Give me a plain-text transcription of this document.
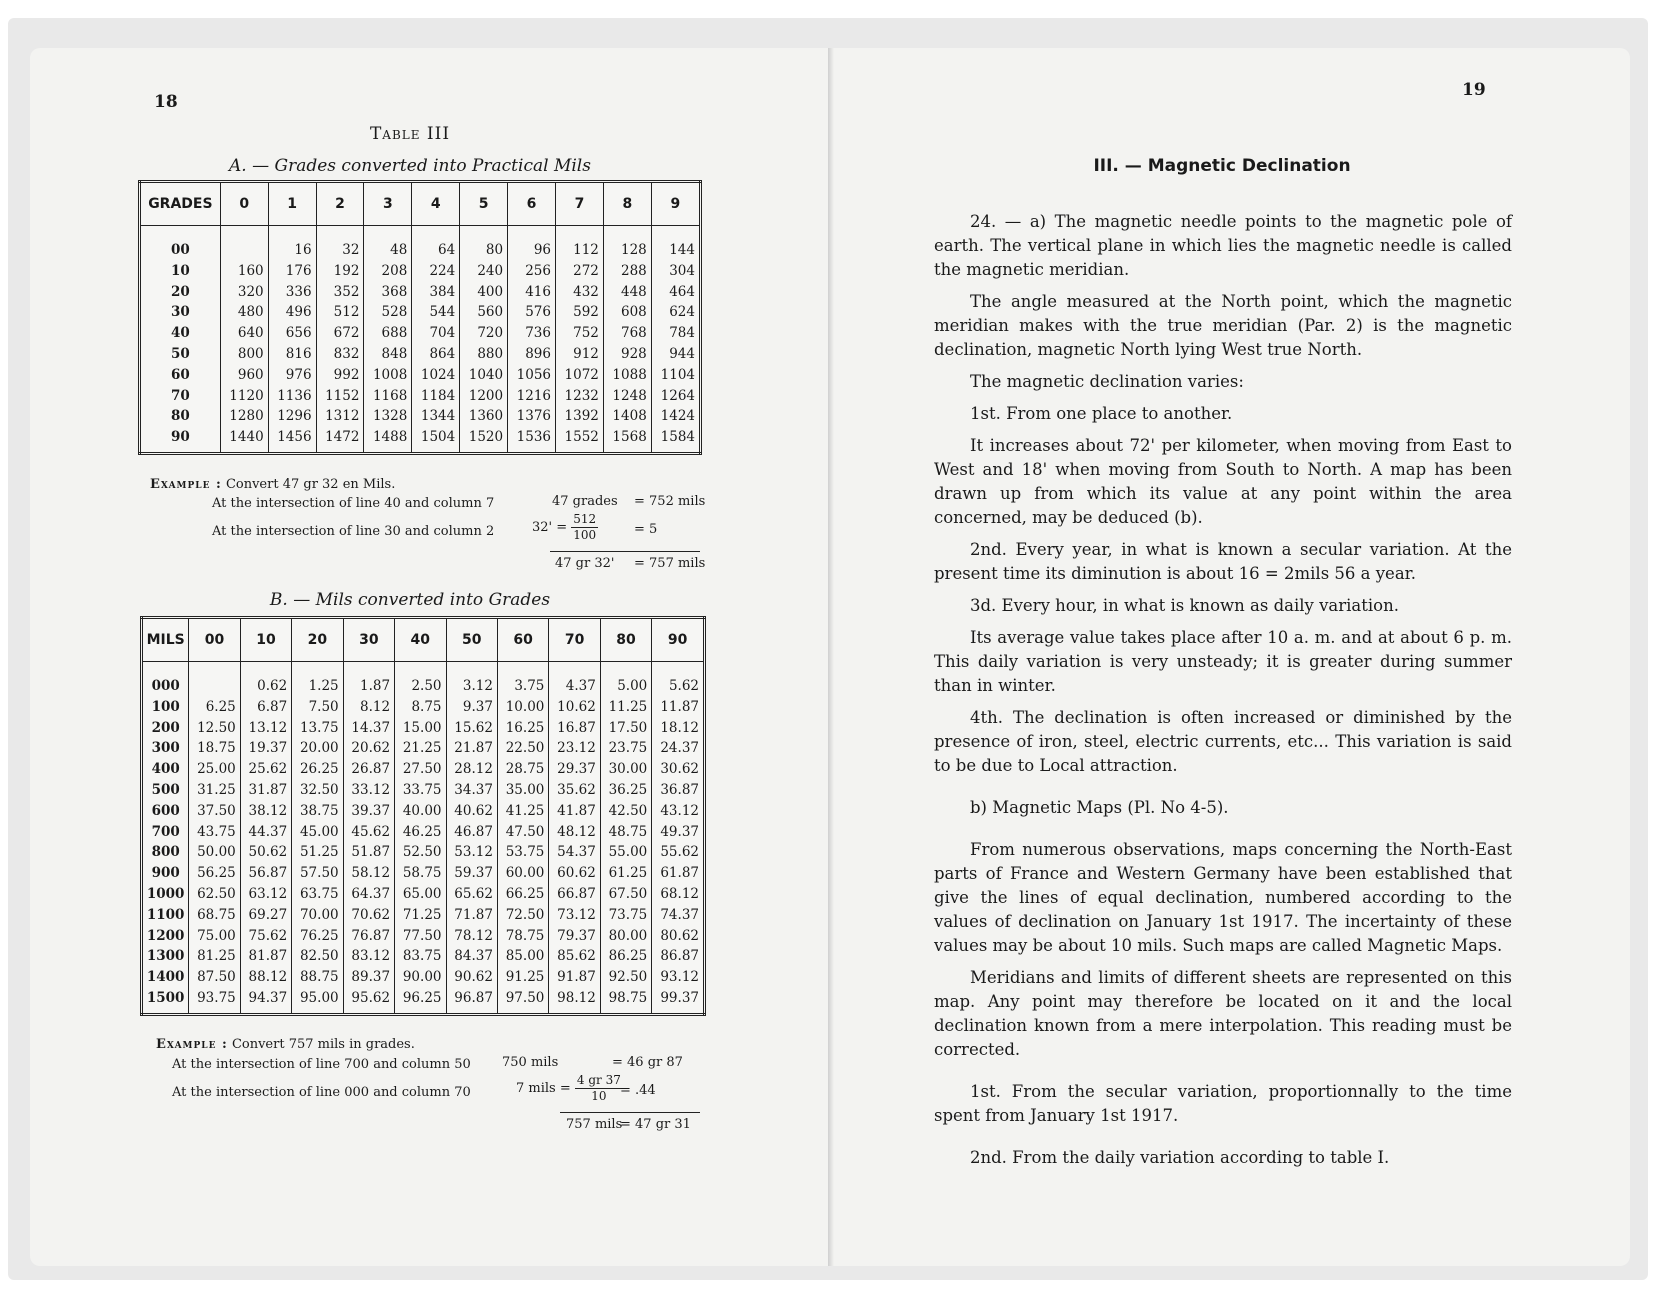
18
Table III
A. — Grades converted into Practical Mils
GRADES	0	1	2	3	4	5	6	7	8	9

00		16	32	48	64	80	96	112	128	144
10	160	176	192	208	224	240	256	272	288	304
20	320	336	352	368	384	400	416	432	448	464
30	480	496	512	528	544	560	576	592	608	624
40	640	656	672	688	704	720	736	752	768	784
50	800	816	832	848	864	880	896	912	928	944
60	960	976	992	1008	1024	1040	1056	1072	1088	1104
70	1120	1136	1152	1168	1184	1200	1216	1232	1248	1264
80	1280	1296	1312	1328	1344	1360	1376	1392	1408	1424
90	1440	1456	1472	1488	1504	1520	1536	1552	1568	1584
Example : Convert 47 gr 32 en Mils.
At the intersection of line 40 and column 7	47 grades = 752 mils
At the intersection of line 30 and column 2	$32' = \frac{512}{100}$	= 5
47 gr 32' = 757 mils
B. — Mils converted into Grades
MILS	00	10	20	30	40	50	60	70	80	90

000		0.62	1.25	1.87	2.50	3.12	3.75	4.37	5.00	5.62
100	6.25	6.87	7.50	8.12	8.75	9.37	10.00	10.62	11.25	11.87
200	12.50	13.12	13.75	14.37	15.00	15.62	16.25	16.87	17.50	18.12
300	18.75	19.37	20.00	20.62	21.25	21.87	22.50	23.12	23.75	24.37
400	25.00	25.62	26.25	26.87	27.50	28.12	28.75	29.37	30.00	30.62
500	31.25	31.87	32.50	33.12	33.75	34.37	35.00	35.62	36.25	36.87
600	37.50	38.12	38.75	39.37	40.00	40.62	41.25	41.87	42.50	43.12
700	43.75	44.37	45.00	45.62	46.25	46.87	47.50	48.12	48.75	49.37
800	50.00	50.62	51.25	51.87	52.50	53.12	53.75	54.37	55.00	55.62
900	56.25	56.87	57.50	58.12	58.75	59.37	60.00	60.62	61.25	61.87
1000	62.50	63.12	63.75	64.37	65.00	65.62	66.25	66.87	67.50	68.12
1100	68.75	69.27	70.00	70.62	71.25	71.87	72.50	73.12	73.75	74.37
1200	75.00	75.62	76.25	76.87	77.50	78.12	78.75	79.37	80.00	80.62
1300	81.25	81.87	82.50	83.12	83.75	84.37	85.00	85.62	86.25	86.87
1400	87.50	88.12	88.75	89.37	90.00	90.62	91.25	91.87	92.50	93.12
1500	93.75	94.37	95.00	95.62	96.25	96.87	97.50	98.12	98.75	99.37
Example : Convert 757 mils in grades.
At the intersection of line 700 and column 50 750 mils	= 46 gr 87
At the intersection of line 000 and column 70	7 mils = $\frac{4 gr 37}{10}$
= .44
757 mils
= 47 gr 31
19
III. — Magnetic Declination

24. — a) The magnetic needle points to the magnetic pole of earth. The vertical plane in which lies the magnetic needle is called the magnetic meridian.

The angle measured at the North point, which the magnetic meridian makes with the true meridian (Par. 2) is the magnetic declination, magnetic North lying West true North.

The magnetic declination varies:

1st. From one place to another.

It increases about 72' per kilometer, when moving from East to West and 18' when moving from South to North. A map has been drawn up from which its value at any point within the area concerned, may be deduced (b).

2nd. Every year, in what is known a secular variation. At the present time its diminution is about 16 = 2mils 56 a year.

3d. Every hour, in what is known as daily variation.

Its average value takes place after 10 a. m. and at about 6 p. m. This daily variation is very unsteady; it is greater during summer than in winter.

4th. The declination is often increased or diminished by the presence of iron, steel, electric currents, etc... This variation is said to be due to Local attraction.

b) Magnetic Maps (Pl. No 4-5).

From numerous observations, maps concerning the North-East parts of France and Western Germany have been established that give the lines of equal declination, numbered according to the values of declination on January 1st 1917. The incertainty of these values may be about 10 mils. Such maps are called Magnetic Maps.

Meridians and limits of different sheets are represented on this map. Any point may therefore be located on it and the local declination known from a mere interpolation. This reading must be corrected.

1st. From the secular variation, proportionnally to the time spent from January 1st 1917.

2nd. From the daily variation according to table I.
